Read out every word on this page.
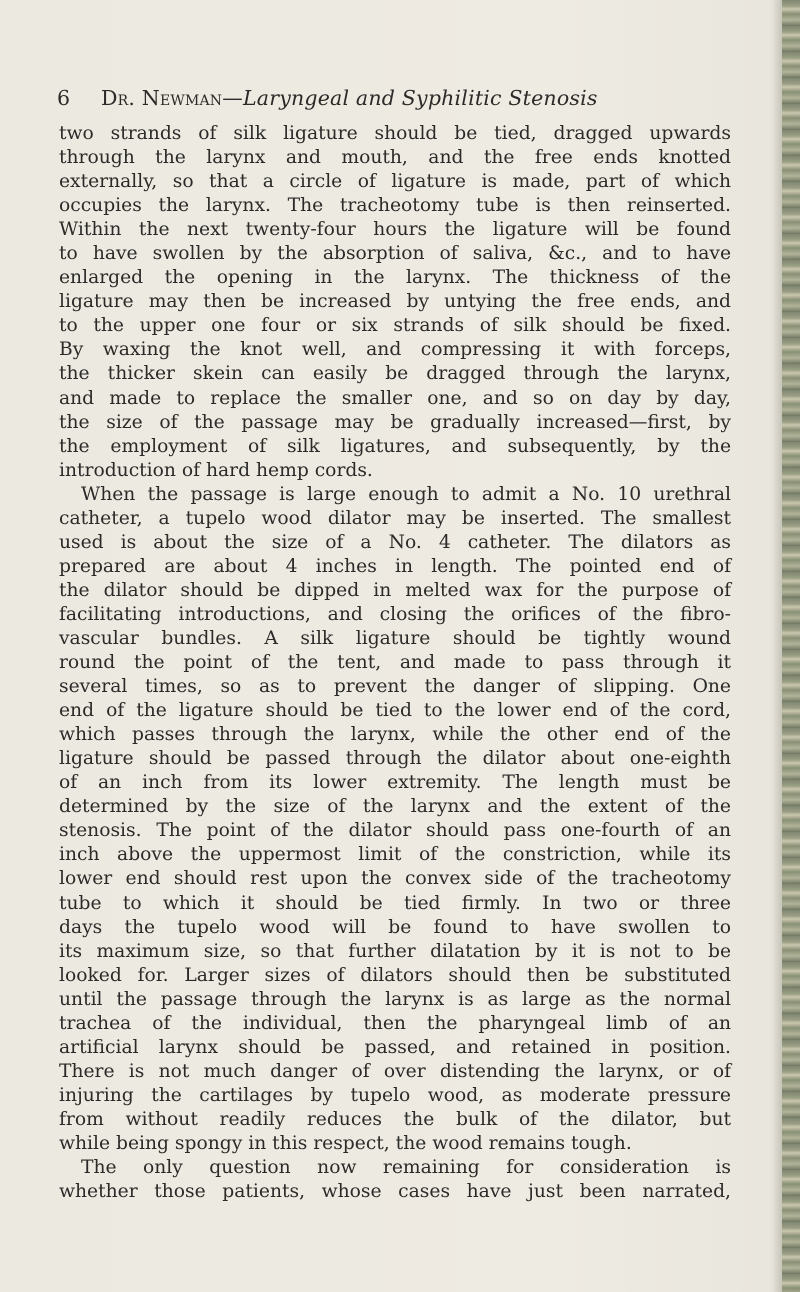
6 Dr. Newman—Laryngeal and Syphilitic Stenosis
two strands of silk ligature should be tied, dragged upwards
through the larynx and mouth, and the free ends knotted
externally, so that a circle of ligature is made, part of which
occupies the larynx. The tracheotomy tube is then reinserted.
Within the next twenty-four hours the ligature will be found
to have swollen by the absorption of saliva, &c., and to have
enlarged the opening in the larynx. The thickness of the
ligature may then be increased by untying the free ends, and
to the upper one four or six strands of silk should be fixed.
By waxing the knot well, and compressing it with forceps,
the thicker skein can easily be dragged through the larynx,
and made to replace the smaller one, and so on day by day,
the size of the passage may be gradually increased—first, by
the employment of silk ligatures, and subsequently, by the
introduction of hard hemp cords.
When the passage is large enough to admit a No. 10 urethral
catheter, a tupelo wood dilator may be inserted. The smallest
used is about the size of a No. 4 catheter. The dilators as
prepared are about 4 inches in length. The pointed end of
the dilator should be dipped in melted wax for the purpose of
facilitating introductions, and closing the orifices of the fibro-
vascular bundles. A silk ligature should be tightly wound
round the point of the tent, and made to pass through it
several times, so as to prevent the danger of slipping. One
end of the ligature should be tied to the lower end of the cord,
which passes through the larynx, while the other end of the
ligature should be passed through the dilator about one-eighth
of an inch from its lower extremity. The length must be
determined by the size of the larynx and the extent of the
stenosis. The point of the dilator should pass one-fourth of an
inch above the uppermost limit of the constriction, while its
lower end should rest upon the convex side of the tracheotomy
tube to which it should be tied firmly. In two or three
days the tupelo wood will be found to have swollen to
its maximum size, so that further dilatation by it is not to be
looked for. Larger sizes of dilators should then be substituted
until the passage through the larynx is as large as the normal
trachea of the individual, then the pharyngeal limb of an
artificial larynx should be passed, and retained in position.
There is not much danger of over distending the larynx, or of
injuring the cartilages by tupelo wood, as moderate pressure
from without readily reduces the bulk of the dilator, but
while being spongy in this respect, the wood remains tough.
The only question now remaining for consideration is
whether those patients, whose cases have just been narrated,
